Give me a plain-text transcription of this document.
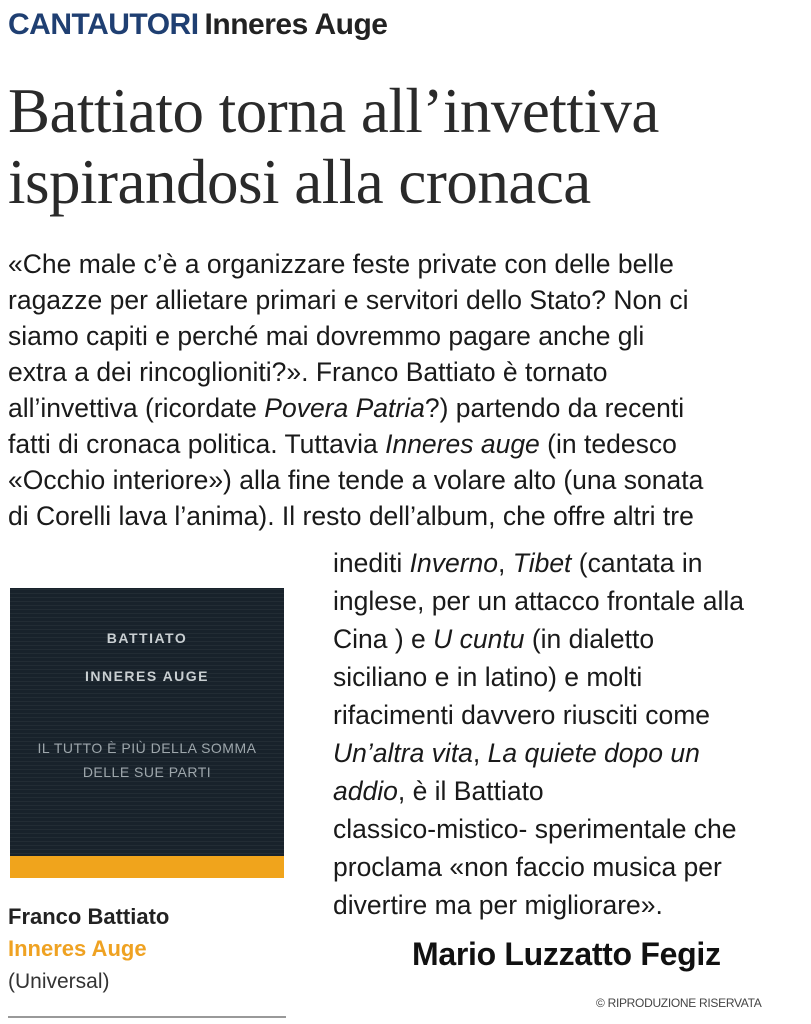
CANTAUTORI Inneres Auge
Battiato torna all’invettiva
ispirandosi alla cronaca
«Che male c’è a organizzare feste private con delle belle
ragazze per allietare primari e servitori dello Stato? Non ci
siamo capiti e perché mai dovremmo pagare anche gli
extra a dei rincoglioniti?». Franco Battiato è tornato
all’invettiva (ricordate Povera Patria?) partendo da recenti
fatti di cronaca politica. Tuttavia Inneres auge (in tedesco
«Occhio interiore») alla fine tende a volare alto (una sonata
di Corelli lava l’anima). Il resto dell’album, che offre altri tre
inediti Inverno, Tibet (cantata in
inglese, per un attacco frontale alla
Cina ) e U cuntu (in dialetto
siciliano e in latino) e molti
rifacimenti davvero riusciti come
Un’altra vita, La quiete dopo un
addio, è il Battiato
classico-mistico- sperimentale che
proclama «non faccio musica per
divertire ma per migliorare».
BATTIATO
INNERES AUGE
IL TUTTO È PIÙ DELLA SOMMA
DELLE SUE PARTI
Franco Battiato
Inneres Auge
(Universal)
Mario Luzzatto Fegiz
© RIPRODUZIONE RISERVATA
